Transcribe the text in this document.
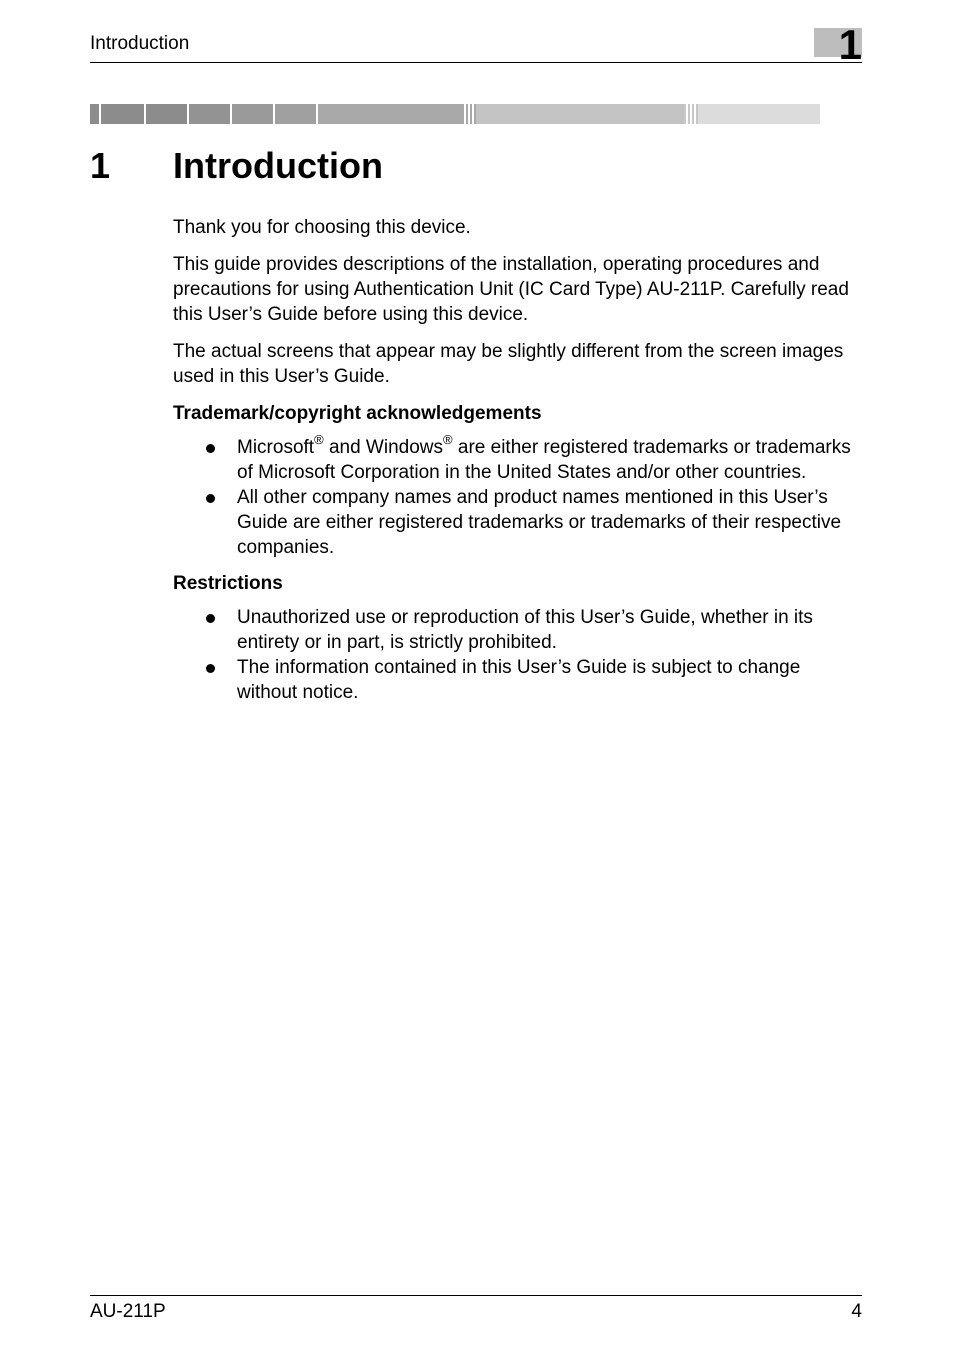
Introduction	1
1 Introduction

Thank you for choosing this device.

This guide provides descriptions of the installation, operating procedures and precautions for using Authentication Unit (IC Card Type) AU-211P. Carefully read this User’s Guide before using this device.

The actual screens that appear may be slightly different from the screen images used in this User’s Guide.

Trademark/copyright acknowledgements
Microsoft® and Windows® are either registered trademarks or trademarks of Microsoft Corporation in the United States and/or other countries.
All other company names and product names mentioned in this User’s Guide are either registered trademarks or trademarks of their respective companies.
Restrictions
Unauthorized use or reproduction of this User’s Guide, whether in its entirety or in part, is strictly prohibited.
The information contained in this User’s Guide is subject to change without notice.
AU-211P	4
